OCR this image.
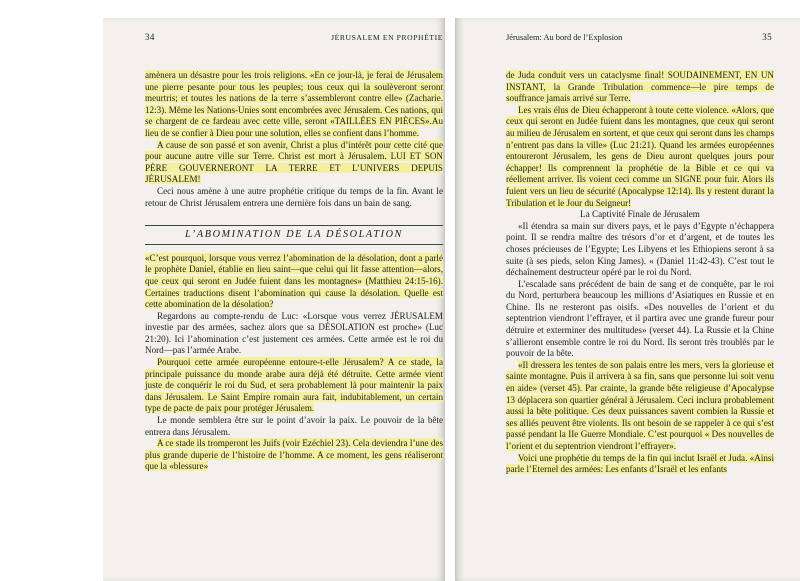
34	JÉRUSALEM EN PROPHÉTIE	Jérusalem: Au bord de l’Explosion	35

amènera un désastre pour les trois religions. «En ce jour-là, je ferai de Jérusalem une pierre pesante pour tous les peuples; tous ceux qui la soulèveront seront meurtris; et toutes les nations de la terre s’assembleront contre elle» (Zacharie. 12:3). Même les Nations-Unies sont encombrées avec Jérusalem. Ces nations, qui se chargent de ce fardeau avec cette ville, seront «TAILLÉES EN PIÈCES».Au lieu de se confier à Dieu pour une solution, elles se confient dans l’homme.

A cause de son passé et son avenir, Christ a plus d’intérêt pour cette cité que pour aucune autre ville sur Terre. Christ est mort à Jérusalem. LUI ET SON PÈRE GOUVERNERONT LA TERRE ET L’UNIVERS DEPUIS JÉRUSALEM!

Ceci nous amène à une autre prophétie critique du temps de la fin. Avant le retour de Christ Jérusalem entrera une dernière fois dans un bain de sang.

L’ABOMINATION DE LA DÉSOLATION

«C’est pourquoi, lorsque vous verrez l’abomination de la désolation, dont a parlé le prophète Daniel, établie en lieu saint—que celui qui lit fasse attention—alors, que ceux qui seront en Judée fuient dans les montagnes» (Matthieu 24:15-16). Certaines traductions disent l’abomination qui cause la désolation. Quelle est cette abomination de la désolation?

Regardons au compte-rendu de Luc: «Lorsque vous verrez JÉRUSALEM investie par des armées, sachez alors que sa DÉSOLATION est proche» (Luc 21:20). Ici l’abomination c’est justement ces armées. Cette armée est le roi du Nord—pas l’armée Arabe.

Pourquoi cette armée européenne entoure-t-elle Jérusalem? A ce stade, la principale puissance du monde arabe aura déjà été détruite. Cette armée vient juste de conquérir le roi du Sud, et sera probablement là pour maintenir la paix dans Jérusalem. Le Saint Empire romain aura fait, indubitablement, un certain type de pacte de paix pour protéger Jérusalem.

Le monde semblera être sur le point d’avoir la paix. Le pouvoir de la bête entrera dans Jérusalem.

A ce stade ils tromperont les Juifs (voir Ezéchiel 23). Cela deviendra l’une des plus grande duperie de l’histoire de l’homme. A ce moment, les gens réaliseront que la «blessure»

de Juda conduit vers un cataclysme final! SOUDAINEMENT, EN UN INSTANT, la Grande Tribulation commence—le pire temps de souffrance jamais arrivé sur Terre.

Les vrais élus de Dieu échapperont à toute cette violence. «Alors, que ceux qui seront en Judée fuient dans les montagnes, que ceux qui seront au milieu de Jérusalem en sortent, et que ceux qui seront dans les champs n’entrent pas dans la ville» (Luc 21:21). Quand les armées européennes entoureront Jérusalem, les gens de Dieu auront quelques jours pour échapper! Ils comprennent la prophétie de la Bible et ce qui va réellement arriver. Ils voient ceci comme un SIGNE pour fuir. Alors ils fuient vers un lieu de sécurité (Apocalypse 12:14). Ils y restent durant la Tribulation et le Jour du Seigneur!

La Captivité Finale de Jérusalem

«Il étendra sa main sur divers pays, et le pays d’Egypte n’échappera point. Il se rendra maître des trésors d’or et d’argent, et de toutes les choses précieuses de l’Egypte; Les Libyens et les Ethiopiens seront à sa suite (à ses pieds, selon King James). « (Daniel 11:42-43). C’est tout le déchaînement destructeur opéré par le roi du Nord.

L’escalade sans précédent de bain de sang et de conquête, par le roi du Nord, perturbera beaucoup les millions d’Asiatiques en Russie et en Chine. Ils ne resteront pas oisifs. «Des nouvelles de l’orient et du septentrion viendront l’effrayer, et il partira avec une grande fureur pour détruire et exterminer des multitudes» (verset 44). La Russie et la Chine s’allieront ensemble contre le roi du Nord. Ils seront très troublés par le pouvoir de la bête.

«Il dressera les tentes de son palais entre les mers, vers la glorieuse et sainte montagne. Puis il arrivera à sa fin, sans que personne lui soit venu en aide» (verset 45). Par crainte, la grande bête religieuse d’Apocalypse 13 déplacera son quartier général à Jérusalem. Ceci inclura probablement aussi la bête politique. Ces deux puissances savent combien la Russie et ses alliés peuvent être violents. Ils ont besoin de se rappeler à ce qui s’est passé pendant la IIe Guerre Mondiale. C’est pourquoi « Des nouvelles de l’orient et du septentrion viendront l’effrayer».

Voici une prophétie du temps de la fin qui inclut Israël et Juda. «Ainsi parle l’Eternel des armées: Les enfants d’Israël et les enfants
